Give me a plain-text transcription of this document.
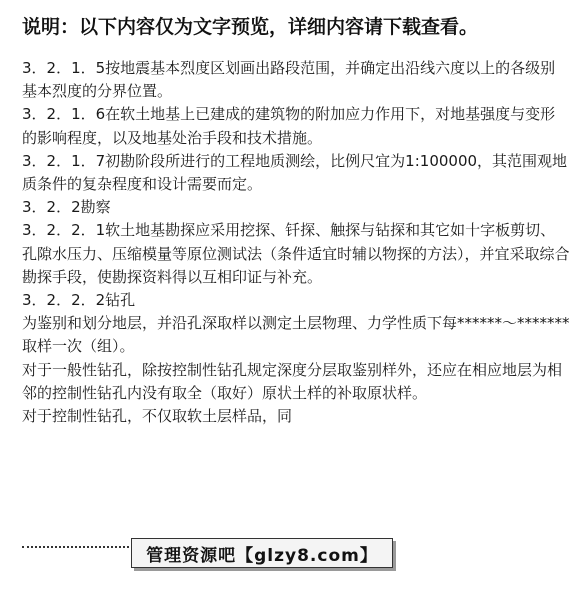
说明：以下内容仅为文字预览，详细内容请下载查看。

3．2．1．5按地震基本烈度区划画出路段范围，并确定出沿线六度以上的各级别基本烈度的分界位置。

3．2．1．6在软土地基上已建成的建筑物的附加应力作用下，对地基强度与变形的影响程度，以及地基处治手段和技术措施。

3．2．1．7初勘阶段所进行的工程地质测绘，比例尺宜为1:100000，其范围观地质条件的复杂程度和设计需要而定。

3．2．2勘察

3．2．2．1软土地基勘探应采用挖探、钎探、触探与钻探和其它如十字板剪切、孔隙水压力、压缩模量等原位测试法（条件适宜时辅以物探的方法），并宜采取综合勘探手段，使勘探资料得以互相印证与补充。

3．2．2．2钻孔

为鉴别和划分地层，并沿孔深取样以测定土层物理、力学性质下每******～*******取样一次（组）。

对于一般性钻孔，除按控制性钻孔规定深度分层取鉴别样外，还应在相应地层为相邻的控制性钻孔内没有取全（取好）原状土样的补取原状样。

对于控制性钻孔，不仅取软土层样品，同

管理资源吧【glzy8.com】
